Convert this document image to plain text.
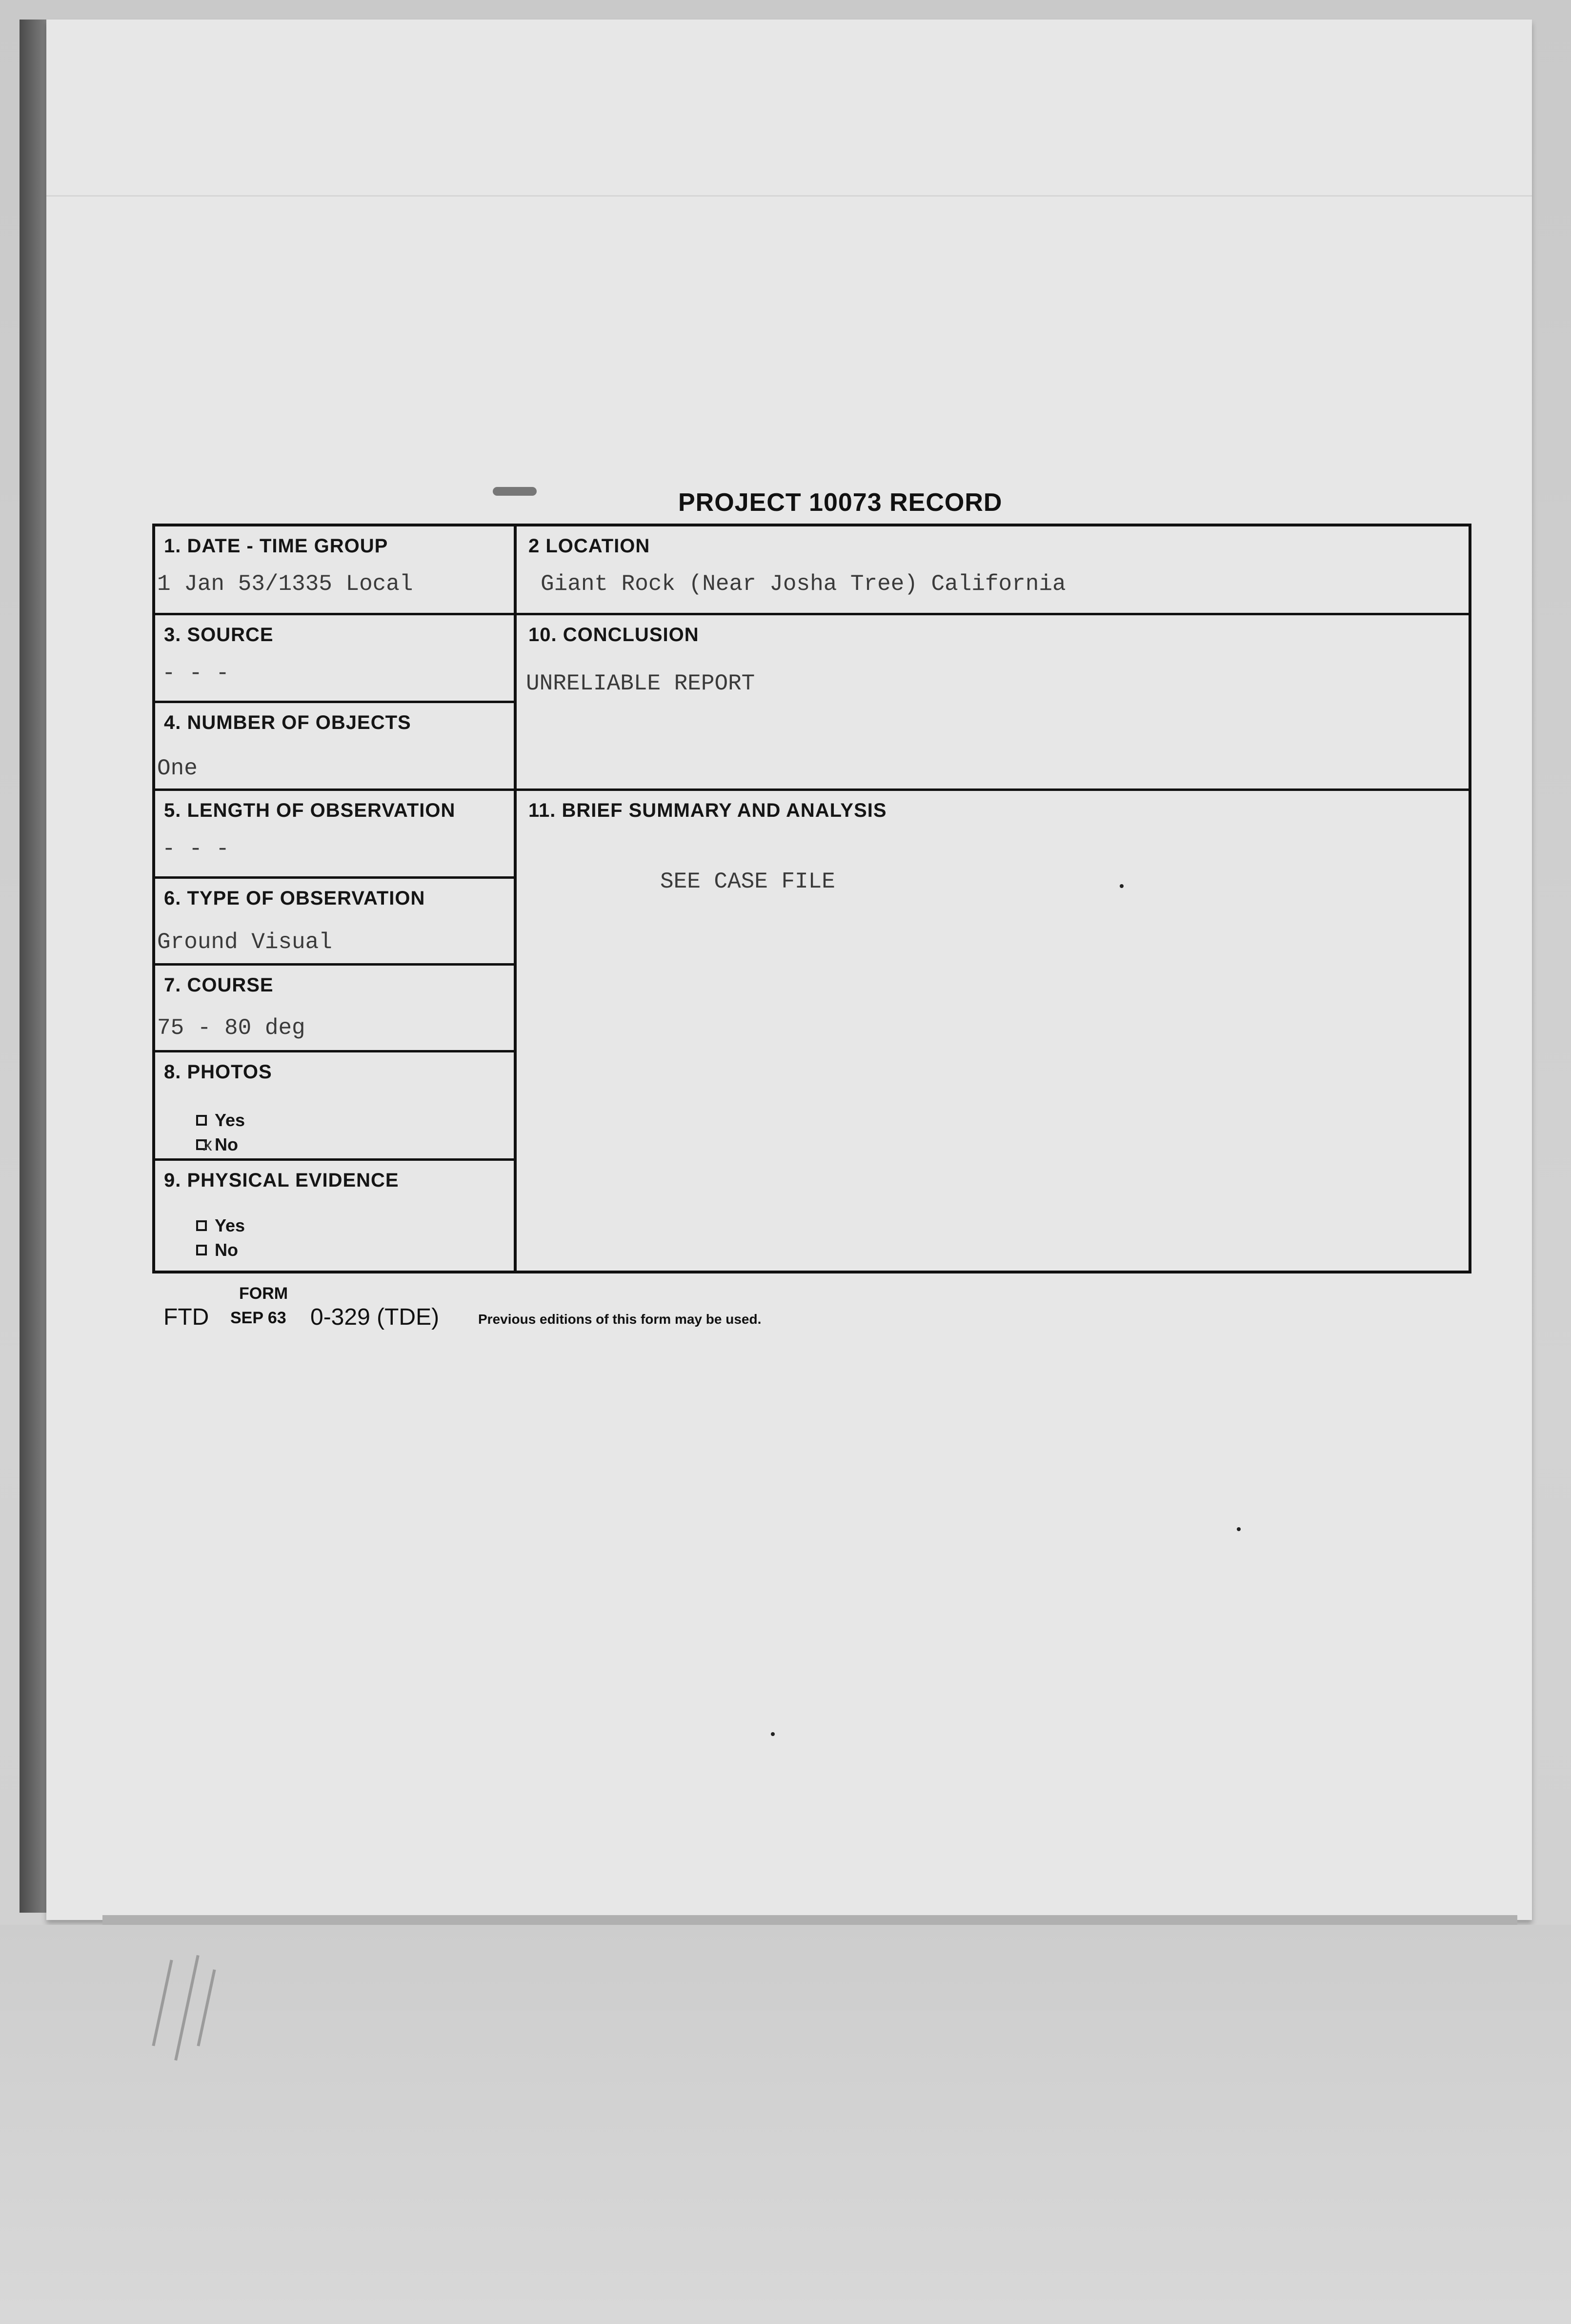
PROJECT 10073 RECORD
1. DATE - TIME GROUP
1 Jan 53/1335 Local
2 LOCATION
Giant Rock (Near Josha Tree) California
3. SOURCE
- - -
10. CONCLUSION
UNRELIABLE REPORT
4. NUMBER OF OBJECTS
One
5. LENGTH OF OBSERVATION
- - -
11. BRIEF SUMMARY AND ANALYSIS
SEE CASE FILE
6. TYPE OF OBSERVATION
Ground Visual
7. COURSE
75 - 80 deg
8. PHOTOS
Yes
x
No
9. PHYSICAL EVIDENCE
Yes
No
FORM
FTD SEP 63 0-329 (TDE)	Previous editions of this form may be used.
